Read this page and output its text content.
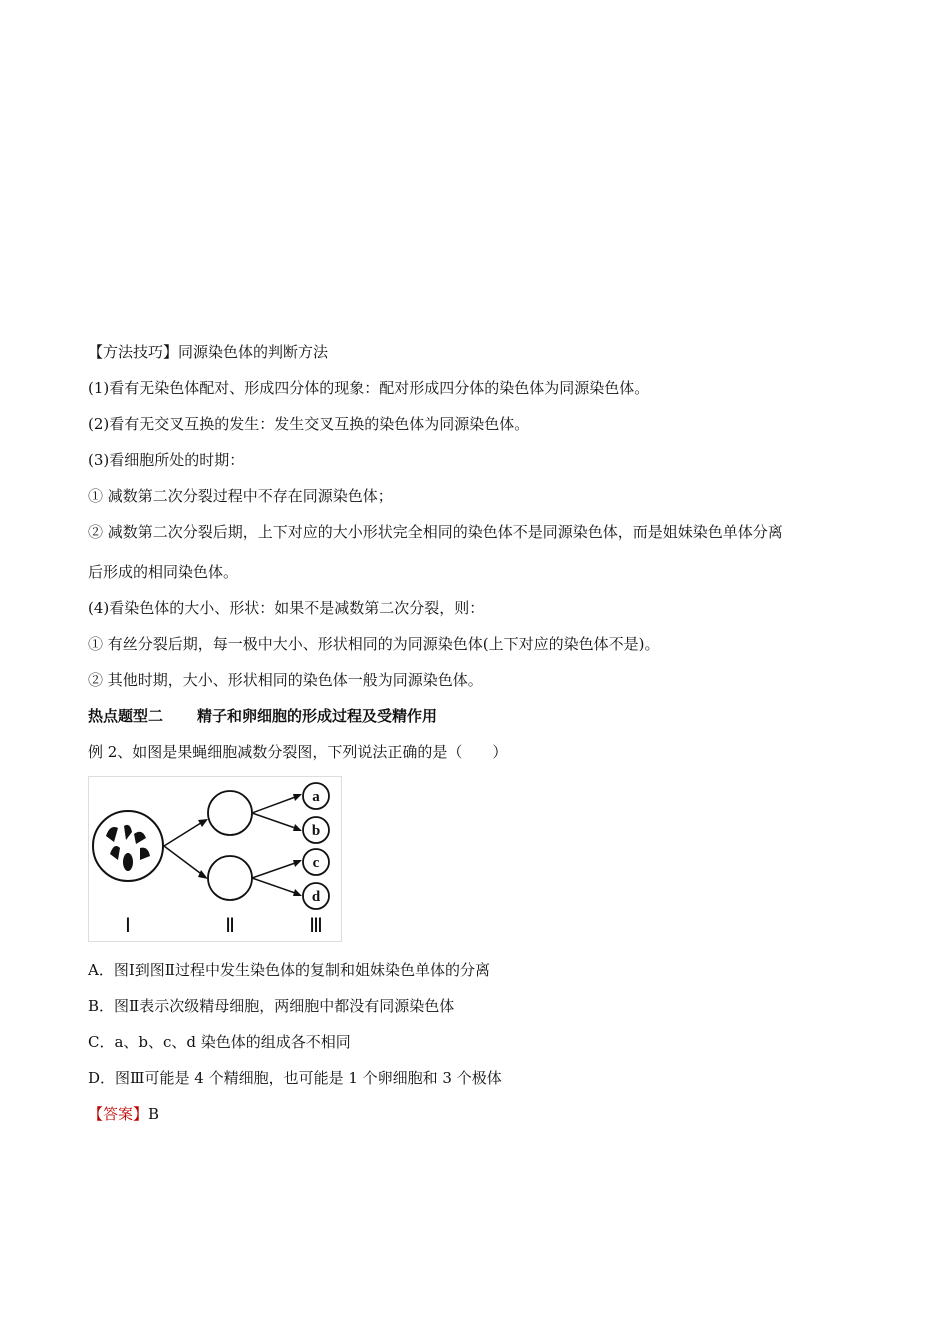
【方法技巧】同源染色体的判断方法
(1)看有无染色体配对、形成四分体的现象：配对形成四分体的染色体为同源染色体。
(2)看有无交叉互换的发生：发生交叉互换的染色体为同源染色体。
(3)看细胞所处的时期：
① 减数第二次分裂过程中不存在同源染色体；
② 减数第二次分裂后期，上下对应的大小形状完全相同的染色体不是同源染色体，而是姐妹染色单体分离
后形成的相同染色体。
(4)看染色体的大小、形状：如果不是减数第二次分裂，则：
① 有丝分裂后期，每一极中大小、形状相同的为同源染色体(上下对应的染色体不是)。
② 其他时期，大小、形状相同的染色体一般为同源染色体。
热点题型二 精子和卵细胞的形成过程及受精作用
例 2、如图是果蝇细胞减数分裂图，下列说法正确的是（　　）
a
b
c
d
Ⅰ	Ⅱ	Ⅲ
A．图Ⅰ到图Ⅱ过程中发生染色体的复制和姐妹染色单体的分离
B．图Ⅱ表示次级精母细胞，两细胞中都没有同源染色体
C．a、b、c、d 染色体的组成各不相同
D．图Ⅲ可能是 4 个精细胞，也可能是 1 个卵细胞和 3 个极体
【答案】B
